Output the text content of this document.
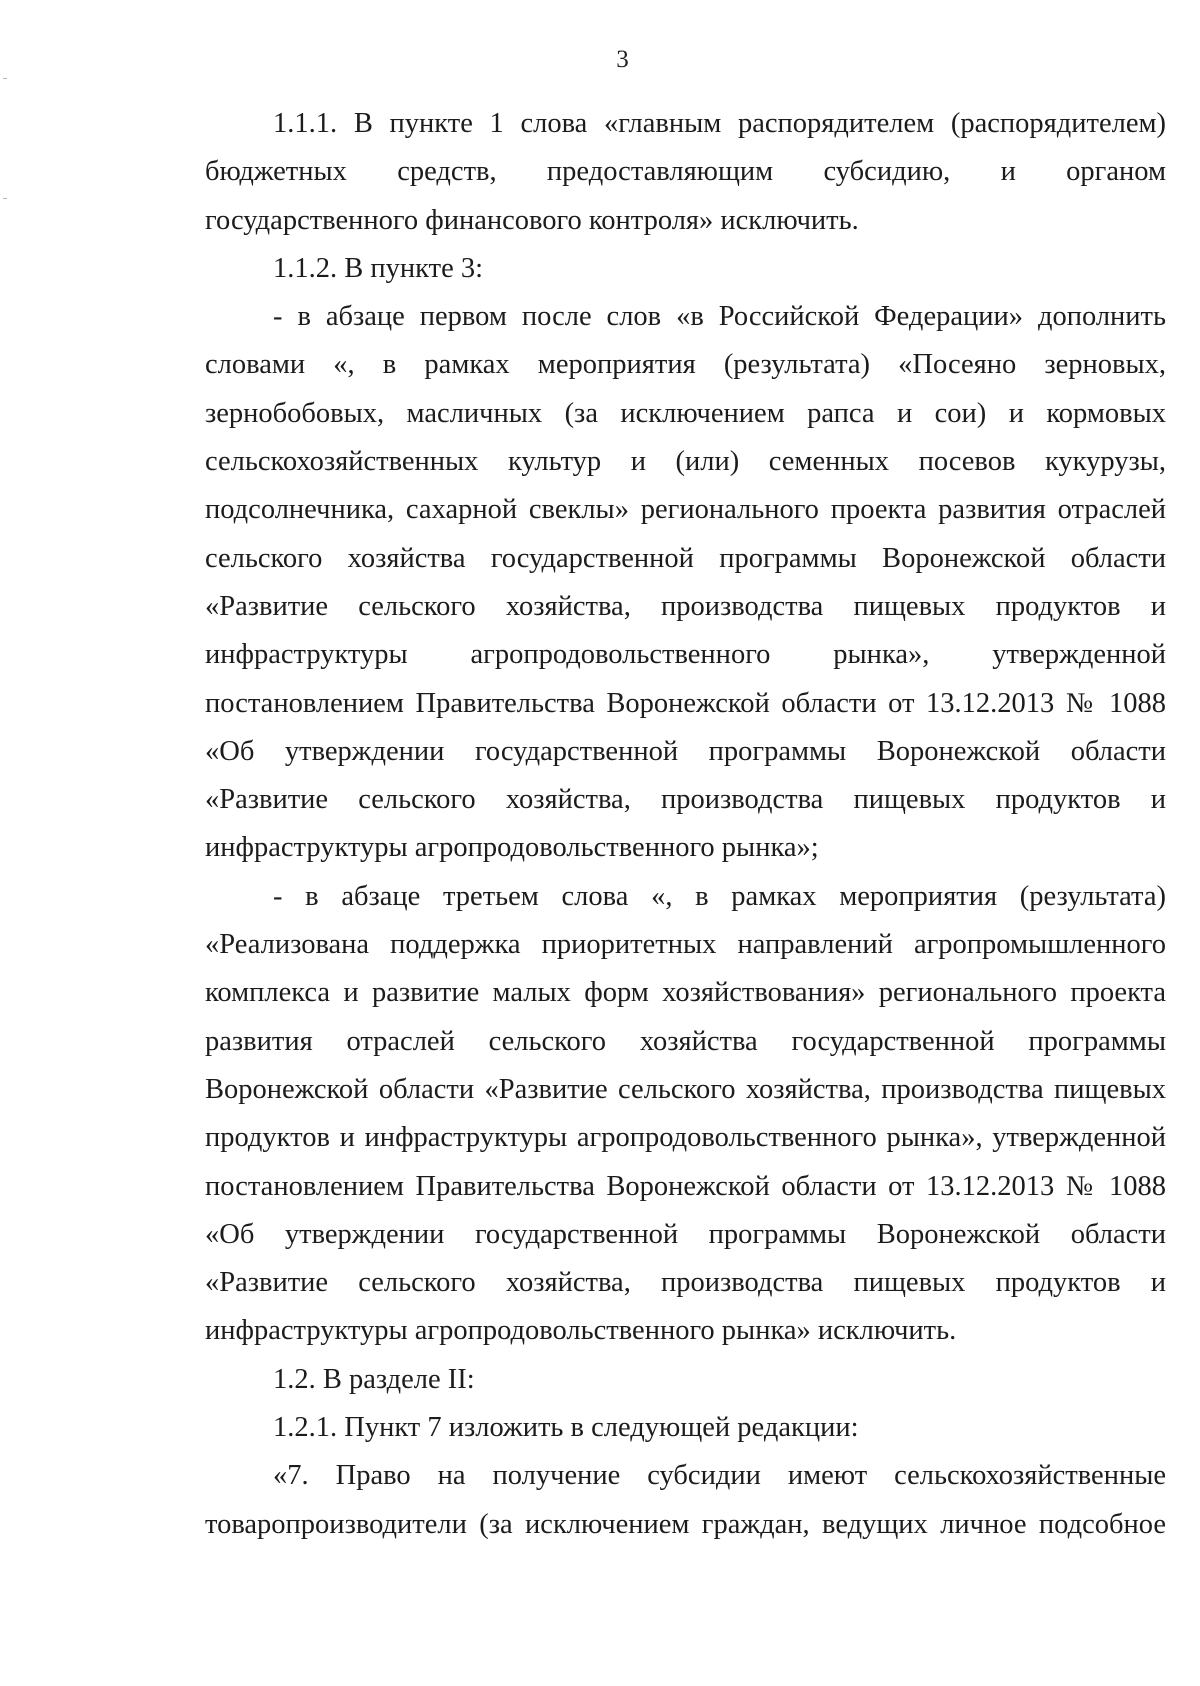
3

1.1.1. В пункте 1 слова «главным распорядителем (распорядителем) бюджетных средств, предоставляющим субсидию, и органом государственного финансового контроля» исключить.

1.1.2. В пункте 3:

- в абзаце первом после слов «в Российской Федерации» дополнить словами «, в рамках мероприятия (результата) «Посеяно зерновых, зернобобовых, масличных (за исключением рапса и сои) и кормовых сельскохозяйственных культур и (или) семенных посевов кукурузы, подсолнечника, сахарной свеклы» регионального проекта развития отраслей сельского хозяйства государственной программы Воронежской области «Развитие сельского хозяйства, производства пищевых продуктов и инфраструктуры агропродовольственного рынка», утвержденной постановлением Правительства Воронежской области от 13.12.2013 № 1088 «Об утверждении государственной программы Воронежской области «Развитие сельского хозяйства, производства пищевых продуктов и инфраструктуры агропродовольственного рынка»;

- в абзаце третьем слова «, в рамках мероприятия (результата) «Реализована поддержка приоритетных направлений агропромышленного комплекса и развитие малых форм хозяйствования» регионального проекта развития отраслей сельского хозяйства государственной программы Воронежской области «Развитие сельского хозяйства, производства пищевых продуктов и инфраструктуры агропродовольственного рынка», утвержденной постановлением Правительства Воронежской области от 13.12.2013 № 1088 «Об утверждении государственной программы Воронежской области «Развитие сельского хозяйства, производства пищевых продуктов и инфраструктуры агропродовольственного рынка» исключить.

1.2. В разделе II:

1.2.1. Пункт 7 изложить в следующей редакции:

«7. Право на получение субсидии имеют сельскохозяйственные товаропроизводители (за исключением граждан, ведущих личное подсобное
